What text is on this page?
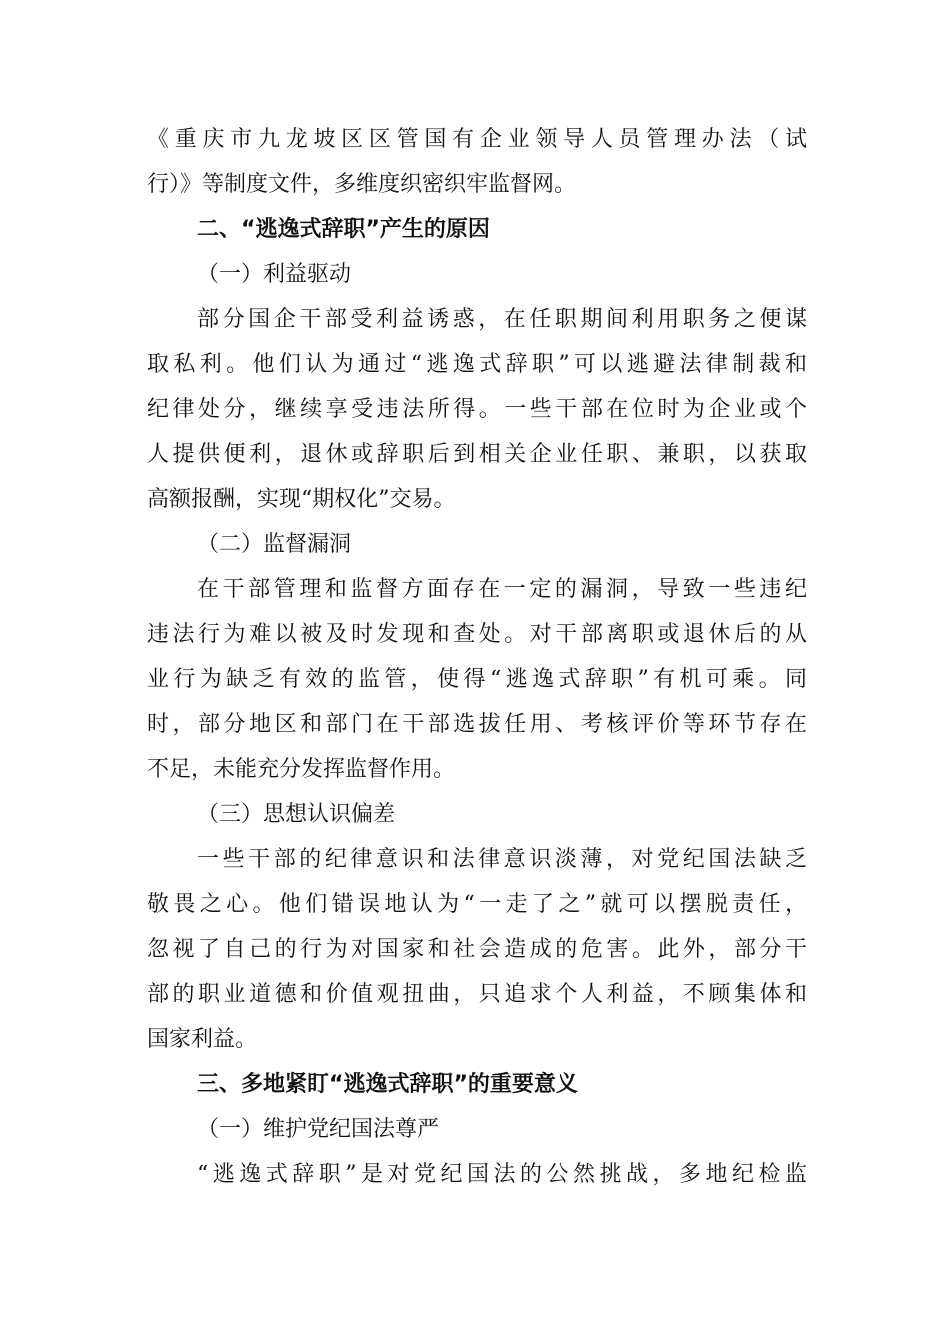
《重庆市九龙坡区区管国有企业领导人员管理办法（试
行）》等制度文件，多维度织密织牢监督网。
二、“逃逸式辞职”产生的原因
（一）利益驱动
部分国企干部受利益诱惑，在任职期间利用职务之便谋
取私利。他们认为通过“逃逸式辞职”可以逃避法律制裁和
纪律处分，继续享受违法所得。一些干部在位时为企业或个
人提供便利，退休或辞职后到相关企业任职、兼职，以获取
高额报酬，实现“期权化”交易。
（二）监督漏洞
在干部管理和监督方面存在一定的漏洞，导致一些违纪
违法行为难以被及时发现和查处。对干部离职或退休后的从
业行为缺乏有效的监管，使得“逃逸式辞职”有机可乘。同
时，部分地区和部门在干部选拔任用、考核评价等环节存在
不足，未能充分发挥监督作用。
（三）思想认识偏差
一些干部的纪律意识和法律意识淡薄，对党纪国法缺乏
敬畏之心。他们错误地认为“一走了之”就可以摆脱责任，
忽视了自己的行为对国家和社会造成的危害。此外，部分干
部的职业道德和价值观扭曲，只追求个人利益，不顾集体和
国家利益。
三、多地紧盯“逃逸式辞职”的重要意义
（一）维护党纪国法尊严
“逃逸式辞职”是对党纪国法的公然挑战，多地纪检监
